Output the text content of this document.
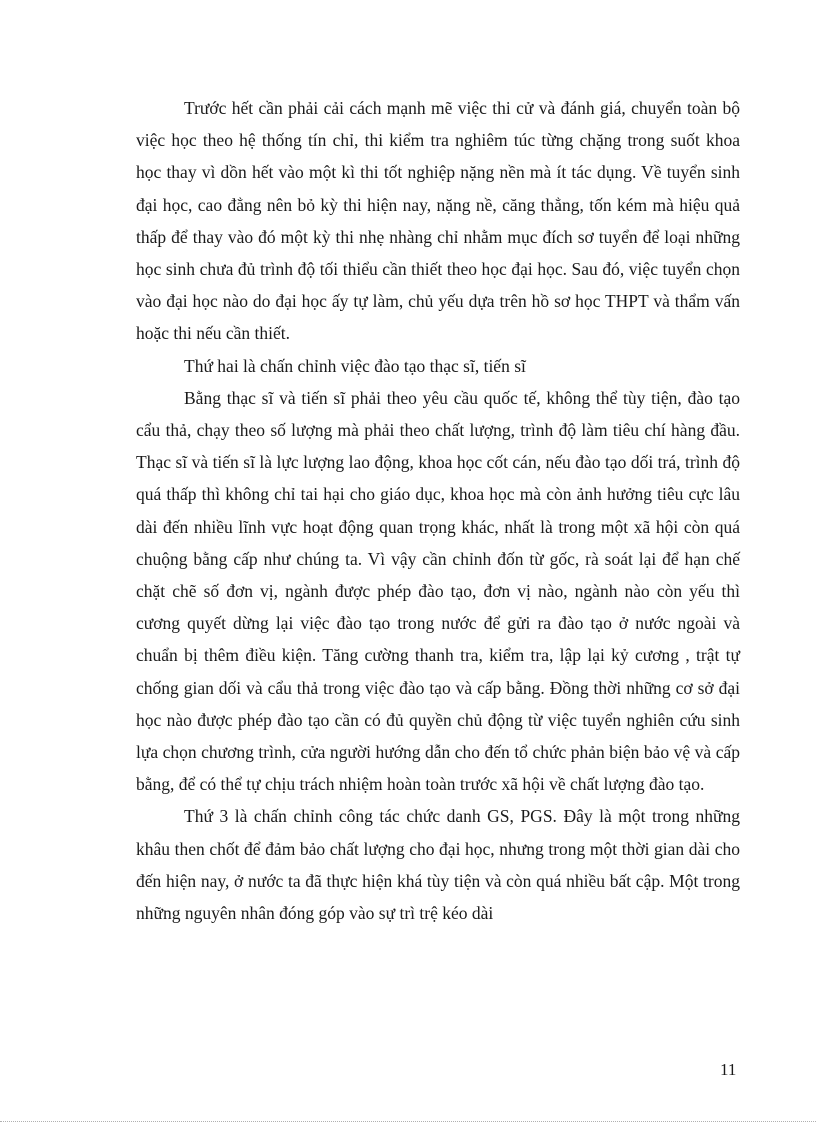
Trước hết cần phải cải cách mạnh mẽ việc thi cử và đánh giá, chuyển toàn bộ việc học theo hệ thống tín chỉ, thi kiểm tra nghiêm túc từng chặng trong suốt khoa học thay vì dồn hết vào một kì thi tốt nghiệp nặng nền mà ít tác dụng. Về tuyển sinh đại học, cao đẳng nên bỏ kỳ thi hiện nay, nặng nề, căng thẳng, tốn kém mà hiệu quả thấp để thay vào đó một kỳ thi nhẹ nhàng chỉ nhằm mục đích sơ tuyển để loại những học sinh chưa đủ trình độ tối thiểu cần thiết theo học đại học. Sau đó, việc tuyển chọn vào đại học nào do đại học ấy tự làm, chủ yếu dựa trên hồ sơ học THPT và thẩm vấn hoặc thi nếu cần thiết.

Thứ hai là chấn chỉnh việc đào tạo thạc sĩ, tiến sĩ

Bằng thạc sĩ và tiến sĩ phải theo yêu cầu quốc tế, không thể tùy tiện, đào tạo cẩu thả, chạy theo số lượng mà phải theo chất lượng, trình độ làm tiêu chí hàng đầu. Thạc sĩ và tiến sĩ là lực lượng lao động, khoa học cốt cán, nếu đào tạo dối trá, trình độ quá thấp thì không chỉ tai hại cho giáo dục, khoa học mà còn ảnh hưởng tiêu cực lâu dài đến nhiều lĩnh vực hoạt động quan trọng khác, nhất là trong một xã hội còn quá chuộng bằng cấp như chúng ta. Vì vậy cần chỉnh đốn từ gốc, rà soát lại để hạn chế chặt chẽ số đơn vị, ngành được phép đào tạo, đơn vị nào, ngành nào còn yếu thì cương quyết dừng lại việc đào tạo trong nước để gửi ra đào tạo ở nước ngoài và chuẩn bị thêm điều kiện. Tăng cường thanh tra, kiểm tra, lập lại kỷ cương , trật tự chống gian dối và cẩu thả trong việc đào tạo và cấp bằng. Đồng thời những cơ sở đại học nào được phép đào tạo cần có đủ quyền chủ động từ việc tuyển nghiên cứu sinh lựa chọn chương trình, cửa người hướng dẫn cho đến tổ chức phản biện bảo vệ và cấp bằng, để có thể tự chịu trách nhiệm hoàn toàn trước xã hội về chất lượng đào tạo.

Thứ 3 là chấn chỉnh công tác chức danh GS, PGS. Đây là một trong những khâu then chốt để đảm bảo chất lượng cho đại học, nhưng trong một thời gian dài cho đến hiện nay, ở nước ta đã thực hiện khá tùy tiện và còn quá nhiều bất cập. Một trong những nguyên nhân đóng góp vào sự trì trệ kéo dài

11
